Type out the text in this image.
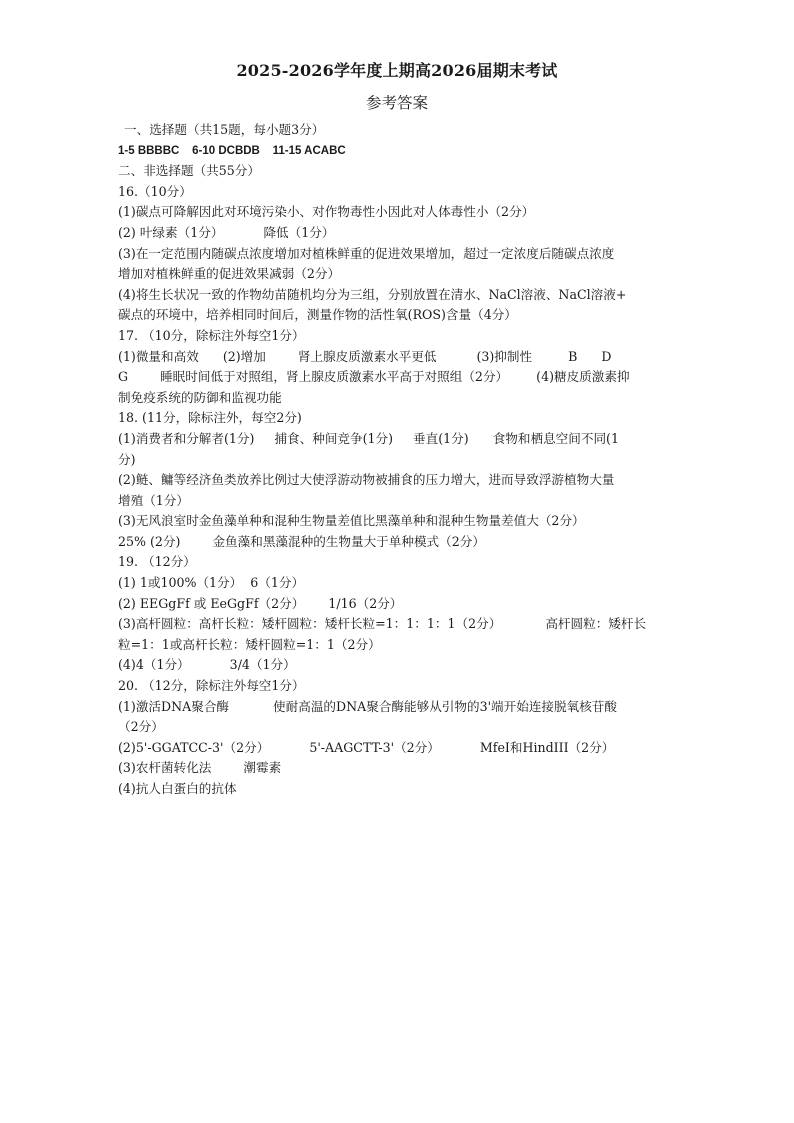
2025-2026学年度上期高2026届期末考试
参考答案
一、选择题（共15题，每小题3分）
1-5 BBBBC    6-10 DCBDB    11-15 ACABC
二、非选择题（共55分）
16.（10分）
(1)碳点可降解因此对环境污染小、对作物毒性小因此对人体毒性小（2分）
(2) 叶绿素（1分）          降低（1分）
(3)在一定范围内随碳点浓度增加对植株鲜重的促进效果增加，超过一定浓度后随碳点浓度
增加对植株鲜重的促进效果减弱（2分）
(4)将生长状况一致的作物幼苗随机均分为三组，分别放置在清水、NaCl溶液、NaCl溶液+
碳点的环境中，培养相同时间后，测量作物的活性氧(ROS)含量（4分）
17. （10分，除标注外每空1分）
(1)微量和高效      (2)增加        肾上腺皮质激素水平更低          (3)抑制性         B      D
G        睡眠时间低于对照组，肾上腺皮质激素水平高于对照组（2分）       (4)糖皮质激素抑
制免疫系统的防御和监视功能
18. (11分，除标注外，每空2分)
(1)消费者和分解者(1分)     捕食、种间竞争(1分)     垂直(1分)      食物和栖息空间不同(1
分)
(2)鲢、鳙等经济鱼类放养比例过大使浮游动物被捕食的压力增大，进而导致浮游植物大量
增殖（1分）
(3)无风浪室时金鱼藻单种和混种生物量差值比黑藻单种和混种生物量差值大（2分）
25% (2分)        金鱼藻和黑藻混种的生物量大于单种模式（2分）
19. （12分）
(1) 1或100%（1分）  6（1分）
(2) EEGgFf 或 EeGgFf（2分）      1/16（2分）
(3)高杆圆粒：高杆长粒：矮杆圆粒：矮杆长粒=1：1：1：1（2分）           高杆圆粒：矮杆长
粒=1：1或高杆长粒：矮杆圆粒=1：1（2分）
(4)4（1分）          3/4（1分）
20. （12分，除标注外每空1分）
(1)激活DNA聚合酶           使耐高温的DNA聚合酶能够从引物的3'端开始连接脱氧核苷酸
（2分）
(2)5'-GGATCC-3'（2分）          5'-AAGCTT-3'（2分）          MfeI和HindIII（2分）
(3)农杆菌转化法        潮霉素
(4)抗人白蛋白的抗体
